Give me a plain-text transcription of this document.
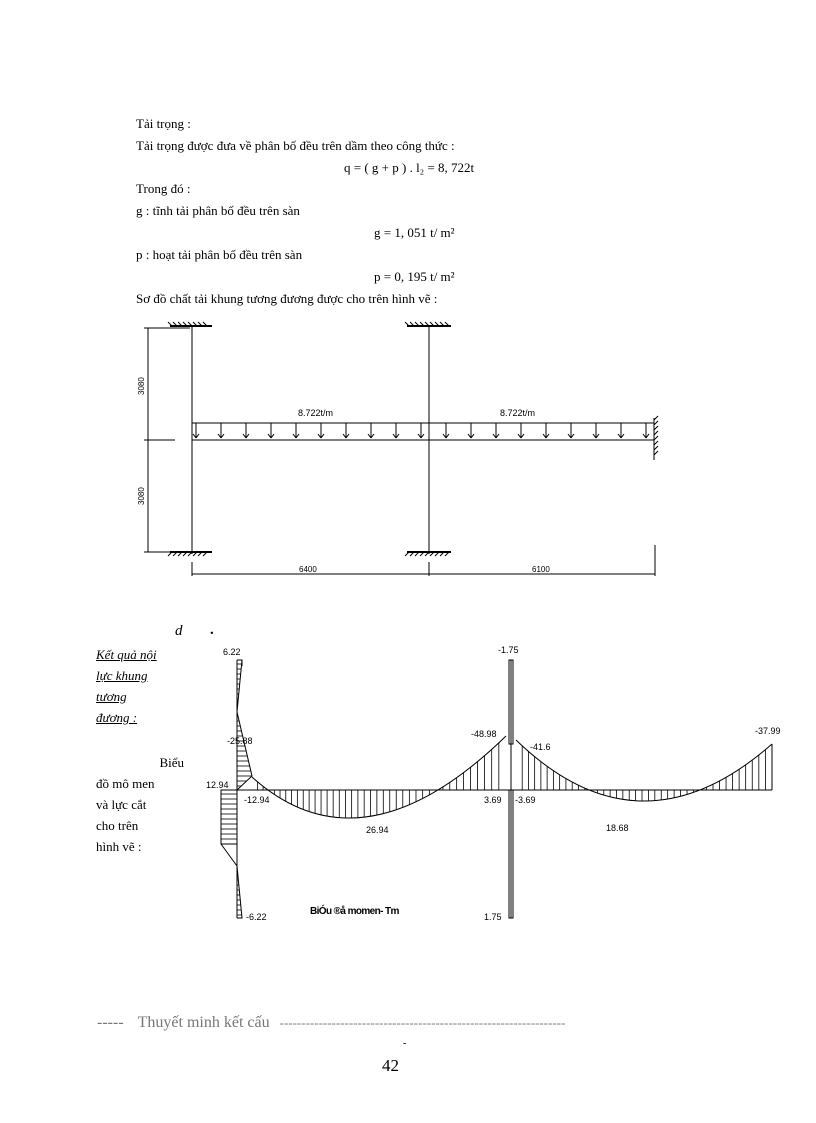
Tải trọng :
Tải trọng được đưa về phân bố đều trên dầm theo công thức :
q = ( g + p ) . l₂ = 8, 722t
Trong đó :
g : tĩnh tải phân bố đều trên sàn
g = 1, 051 t/ m²
p : hoạt tải phân bố đều trên sàn
p = 0, 195 t/ m²
Sơ đồ chất tải khung tương đương được cho trên hình vẽ :
3080
3080
8.722t/m	8.722t/m
6400	6100
d .
Kết quả nội
lực khung
tương
đương :
Biểu
đồ mô men
và lực cắt
cho trên
hình vẽ :
6.22
-6.22
-25.88
12.94
-12.94
26.94
-1.75
1.75
-48.98
-41.6
3.69 -3.69
18.68
-37.99
BiÓu ®å momen- Tm
----- Thuyết minh kết cấu ------------------------------------------------------------------
-
42
